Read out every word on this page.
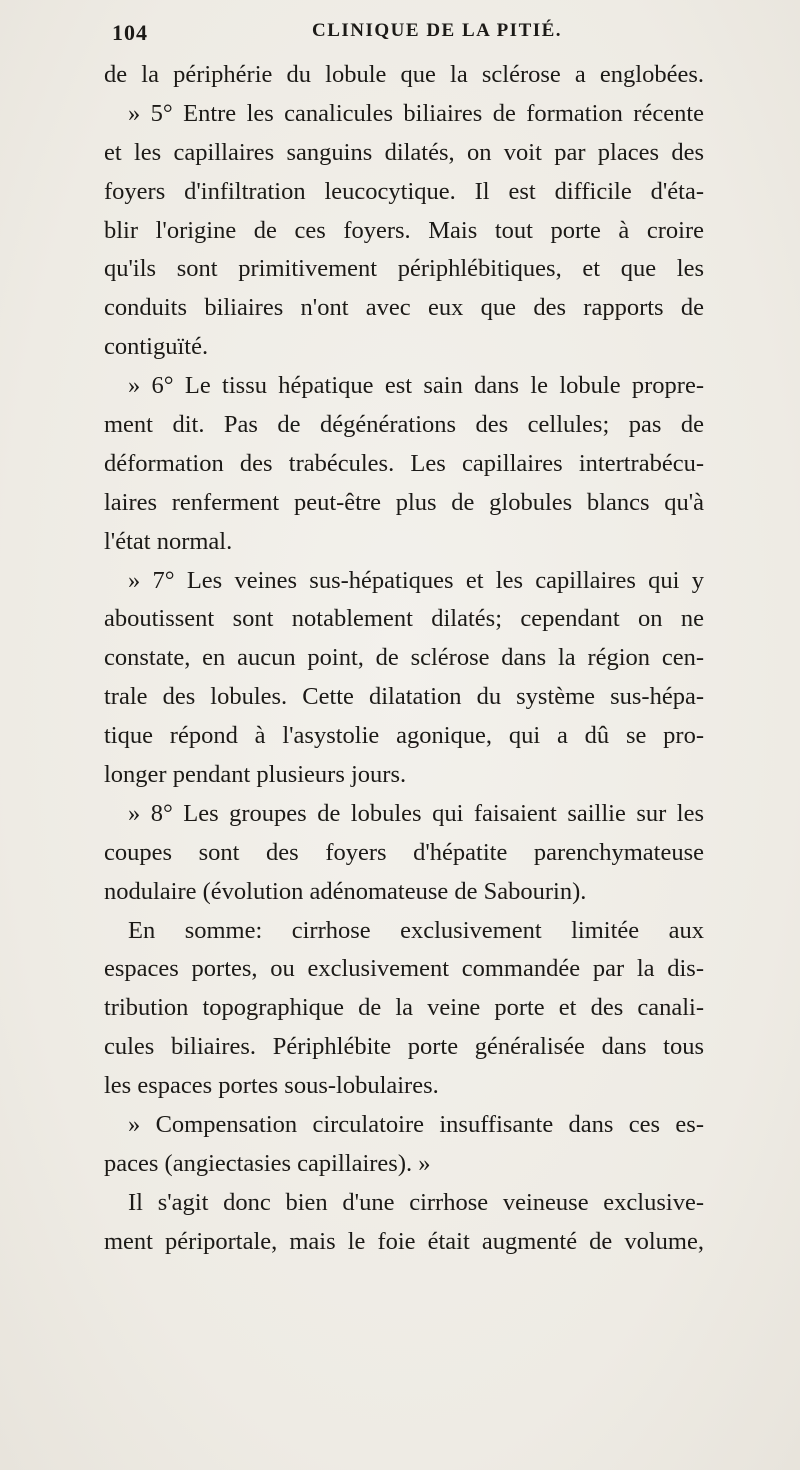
104	CLINIQUE DE LA PITIÉ.
de la périphérie du lobule que la sclérose a englobées.
» 5° Entre les canalicules biliaires de formation récente
et les capillaires sanguins dilatés, on voit par places des
foyers d'infiltration leucocytique. Il est difficile d'éta-
blir l'origine de ces foyers. Mais tout porte à croire
qu'ils sont primitivement périphlébitiques, et que les
conduits biliaires n'ont avec eux que des rapports de
contiguïté.
» 6° Le tissu hépatique est sain dans le lobule propre-
ment dit. Pas de dégénérations des cellules; pas de
déformation des trabécules. Les capillaires intertrabécu-
laires renferment peut-être plus de globules blancs qu'à
l'état normal.
» 7° Les veines sus-hépatiques et les capillaires qui y
aboutissent sont notablement dilatés; cependant on ne
constate, en aucun point, de sclérose dans la région cen-
trale des lobules. Cette dilatation du système sus-hépa-
tique répond à l'asystolie agonique, qui a dû se pro-
longer pendant plusieurs jours.
» 8° Les groupes de lobules qui faisaient saillie sur les
coupes sont des foyers d'hépatite parenchymateuse
nodulaire (évolution adénomateuse de Sabourin).
En somme: cirrhose exclusivement limitée aux
espaces portes, ou exclusivement commandée par la dis-
tribution topographique de la veine porte et des canali-
cules biliaires. Périphlébite porte généralisée dans tous
les espaces portes sous-lobulaires.
» Compensation circulatoire insuffisante dans ces es-
paces (angiectasies capillaires). »
Il s'agit donc bien d'une cirrhose veineuse exclusive-
ment périportale, mais le foie était augmenté de volume,
